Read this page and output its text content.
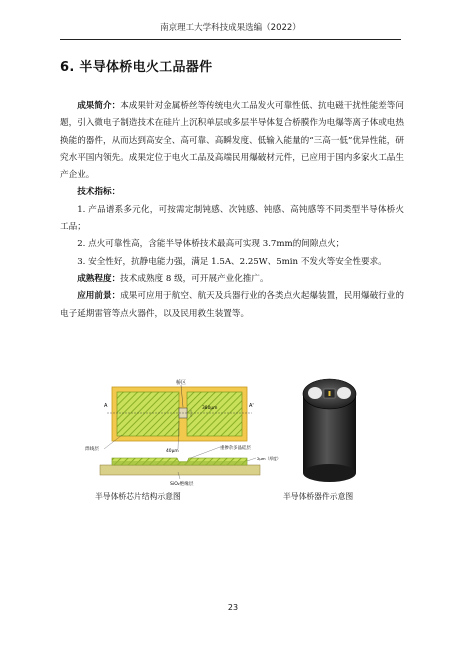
南京理工大学科技成果选编（2022）
6. 半导体桥电火工品器件

成果简介：本成果针对金属桥丝等传统电火工品发火可靠性低、抗电磁干扰性能差等问题，引入微电子制造技术在硅片上沉积单层或多层半导体复合桥膜作为电爆等离子体或电热换能的器件，从而达到高安全、高可靠、高瞬发度、低输入能量的“三高一低”优异性能，研究水平国内领先。成果定位于电火工品及高端民用爆破材元件，已应用于国内多家火工品生产企业。

技术指标：

1. 产品谱系多元化，可按需定制钝感、次钝感、钝感、高钝感等不同类型半导体桥火工品；

2. 点火可靠性高，含能半导体桥技术最高可实现 3.7mm的间隙点火；

3. 安全性好，抗静电能力强，满足 1.5A、2.25W、5min 不发火等安全性要求。

成熟程度：技术成熟度 8 级，可开展产业化推广。

应用前景：成果可应用于航空、航天及兵器行业的各类点火起爆装置，民用爆破行业的电子延期雷管等点火器件，以及民用救生装置等。

桥区
A	A'
380μm
40μm
焊线层	重掺杂多晶硅层
2μm（厚度）
SiO₂绝缘层
半导体桥芯片结构示意图	半导体桥器件示意图
23
